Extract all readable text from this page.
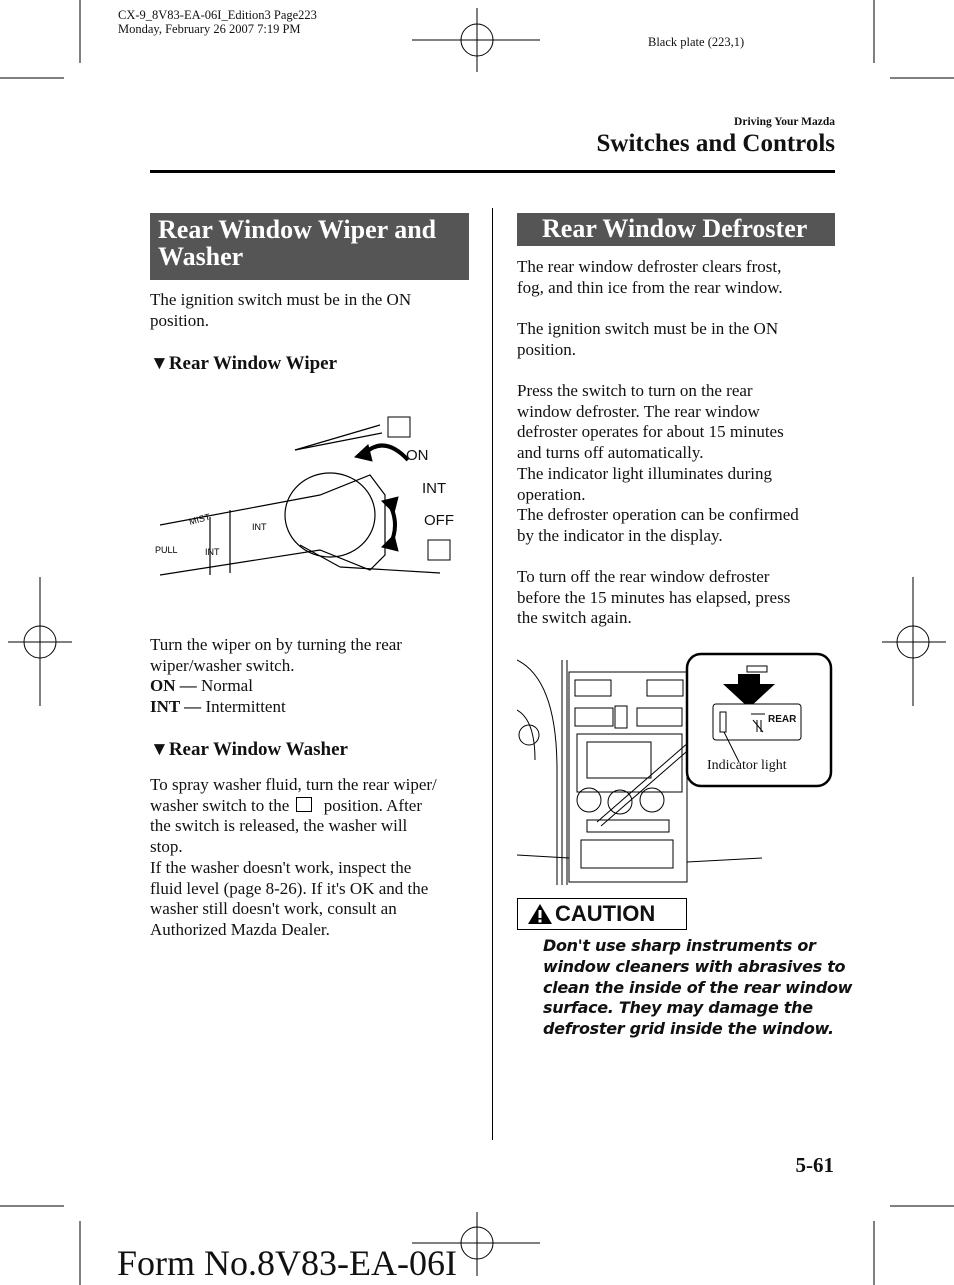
CX-9_8V83-EA-06I_Edition3 Page223
Monday, February 26 2007 7:19 PM
Black plate (223,1)
Driving Your Mazda
Switches and Controls
Rear Window Wiper and
Washer
The ignition switch must be in the ON
position.
▼Rear Window Wiper
PULL
MIST
INT
INT
ON
INT
OFF
Turn the wiper on by turning the rear
wiper/washer switch.
ON — Normal
INT — Intermittent
▼Rear Window Washer
To spray washer fluid, turn the rear wiper/
washer switch to the position. After
the switch is released, the washer will
stop.
If the washer doesn't work, inspect the
fluid level (page 8-26). If it's OK and the
washer still doesn't work, consult an
Authorized Mazda Dealer.
Rear Window Defroster
The rear window defroster clears frost,
fog, and thin ice from the rear window.
The ignition switch must be in the ON
position.
Press the switch to turn on the rear
window defroster. The rear window
defroster operates for about 15 minutes
and turns off automatically.
The indicator light illuminates during
operation.
The defroster operation can be confirmed
by the indicator in the display.
To turn off the rear window defroster
before the 15 minutes has elapsed, press
the switch again.
REAR
Indicator light
CAUTION
Don't use sharp instruments or
window cleaners with abrasives to
clean the inside of the rear window
surface. They may damage the
defroster grid inside the window.
5-61
Form No.8V83-EA-06I
